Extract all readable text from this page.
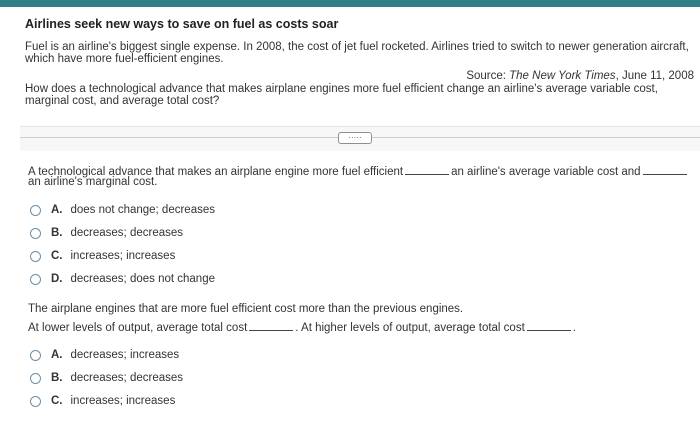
Airlines seek new ways to save on fuel as costs soar
Fuel is an airline's biggest single expense. In 2008, the cost of jet fuel rocketed. Airlines tried to switch to newer generation aircraft,
which have more fuel-efficient engines.
Source: The New York Times, June 11, 2008
How does a technological advance that makes airplane engines more fuel efficient change an airline's average variable cost,
marginal cost, and average total cost?
·····
A technological advance that makes an airplane engine more fuel efficient	an airline's average variable cost and
an airline's marginal cost.
A. does not change; decreases
B. decreases; decreases
C. increases; increases
D. decreases; does not change
The airplane engines that are more fuel efficient cost more than the previous engines.
At lower levels of output, average total cost	. At higher levels of output, average total cost	.
A. decreases; increases
B. decreases; decreases
C. increases; increases
